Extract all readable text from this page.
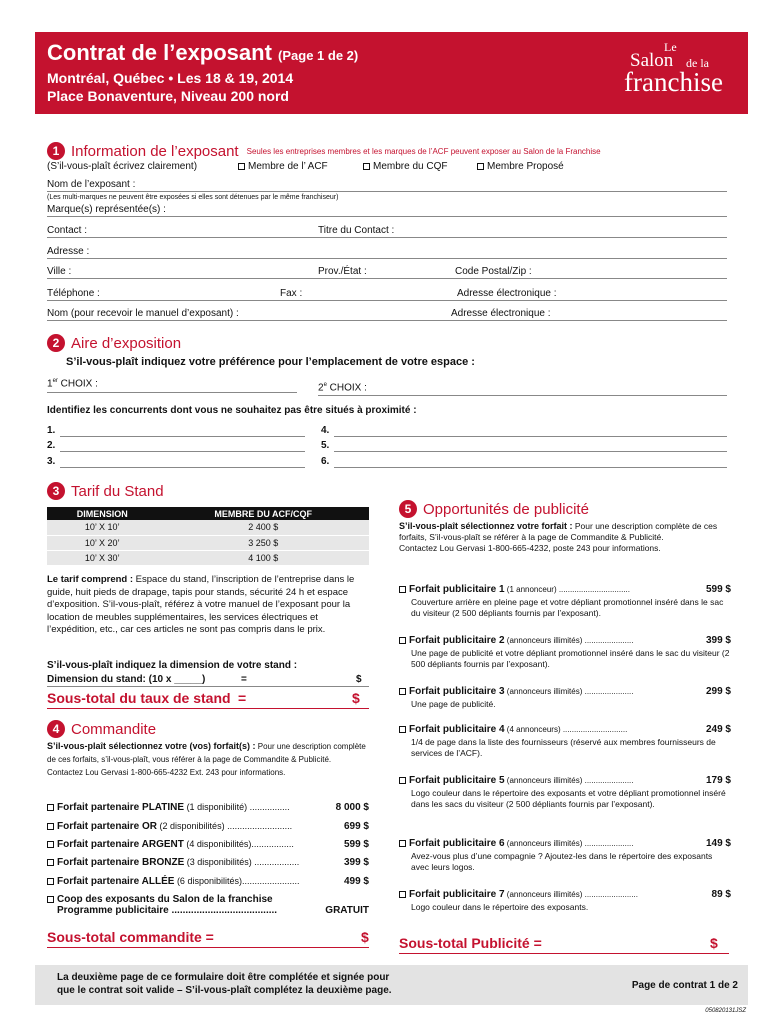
Contrat de l’exposant (Page 1 de 2)
Montréal, Québec • Les 18 & 19, 2014
Place Bonaventure, Niveau 200 nord
Le
Salon de la
franchise
1 Information de l’exposant Seules les entreprises membres et les marques de l’ACF peuvent exposer au Salon de la Franchise
(S’il-vous-plaît écrivez clairement)	Membre de l’ ACF	Membre du CQF	Membre Proposé
Nom de l’exposant :
(Les multi-marques ne peuvent être exposées si elles sont détenues par le même franchiseur)
Marque(s) représentée(s) :
Contact :	Titre du Contact :
Adresse :
Ville :	Prov./État :	Code Postal/Zip :
Téléphone :	Fax :	Adresse électronique :
Nom (pour recevoir le manuel d’exposant) :	Adresse électronique :
2 Aire d’exposition
S’il-vous-plaît indiquez votre préférence pour l’emplacement de votre espace :
1er CHOIX :	2e CHOIX :
Identifiez les concurrents dont vous ne souhaitez pas être situés à proximité :
1.
2.
3.
4.
5.
6.
3 Tarif du Stand
DIMENSION	MEMBRE DU ACF/CQF
10’ X 10’	2 400 $
10’ X 20’	3 250 $
10’ X 30’	4 100 $
Le tarif comprend : Espace du stand, l’inscription de l’entreprise dans le guide, huit pieds de drapage, tapis pour stands, sécurité 24 h et espace d’exposition. S’il-vous-plaît, référez à votre manuel de l’exposant pour la location de meubles supplémentaires, les services électriques et l’expédition, etc., car ces articles ne sont pas compris dans le prix.
S’il-vous-plaît indiquez la dimension de votre stand :
Dimension du stand: (10 x _____)	=	$
Sous-total du taux de stand =	$
4 Commandite
S’il-vous-plaît sélectionnez votre (vos) forfait(s) : Pour une description complète de ces forfaits, s’il-vous-plaît, vous référer à la page de Commandite & Publicité.
Contactez Lou Gervasi 1-800-665-4232 Ext. 243 pour informations.
Forfait partenaire PLATINE (1 disponibilité) ................	8 000 $
Forfait partenaire OR (2 disponibilités) ..........................	699 $
Forfait partenaire ARGENT (4 disponibilités).................	599 $
Forfait partenaire BRONZE (3 disponibilités) ..................	399 $
Forfait partenaire ALLÉE (6 disponibilités).......................	499 $
Coop des exposants du Salon de la franchise
Programme publicitaire ......................................	GRATUIT
Sous-total commandite =	$
5 Opportunités de publicité
S’il-vous-plaît sélectionnez votre forfait : Pour une description complète de ces forfaits, S’il-vous-plaît se référer à la page de Commandite & Publicité.
Contactez Lou Gervasi 1-800-665-4232, poste 243 pour informations.
Forfait publicitaire 1 (1 annonceur) ................................	599 $
Couverture arrière en pleine page et votre dépliant promotionnel inséré dans le sac du visiteur (2 500 dépliants fournis par l’exposant).
Forfait publicitaire 2 (annonceurs illimités) ......................	399 $
Une page de publicité et votre dépliant promotionnel inséré dans le sac du visiteur (2 500 dépliants fournis par l’exposant).
Forfait publicitaire 3 (annonceurs illimités) ......................	299 $
Une page de publicité.
Forfait publicitaire 4 (4 annonceurs) .............................	249 $
1/4 de page dans la liste des fournisseurs (réservé aux membres fournisseurs de services de l’ACF).
Forfait publicitaire 5 (annonceurs illimités) ......................	179 $
Logo couleur dans le répertoire des exposants et votre dépliant promotionnel inséré dans les sacs du visiteur (2 500 dépliants fournis par l’exposant).
Forfait publicitaire 6 (annonceurs illimités) ......................	149 $
Avez-vous plus d’une compagnie ? Ajoutez-les dans le répertoire des exposants avec leurs logos.
Forfait publicitaire 7 (annonceurs illimités) ........................	89 $
Logo couleur dans le répertoire des exposants.
Sous-total Publicité =	$
La deuxième page de ce formulaire doit être complétée et signée pour
que le contrat soit valide – S’il-vous-plaît complétez la deuxième page.	Page de contrat 1 de 2
050820131JSZ
